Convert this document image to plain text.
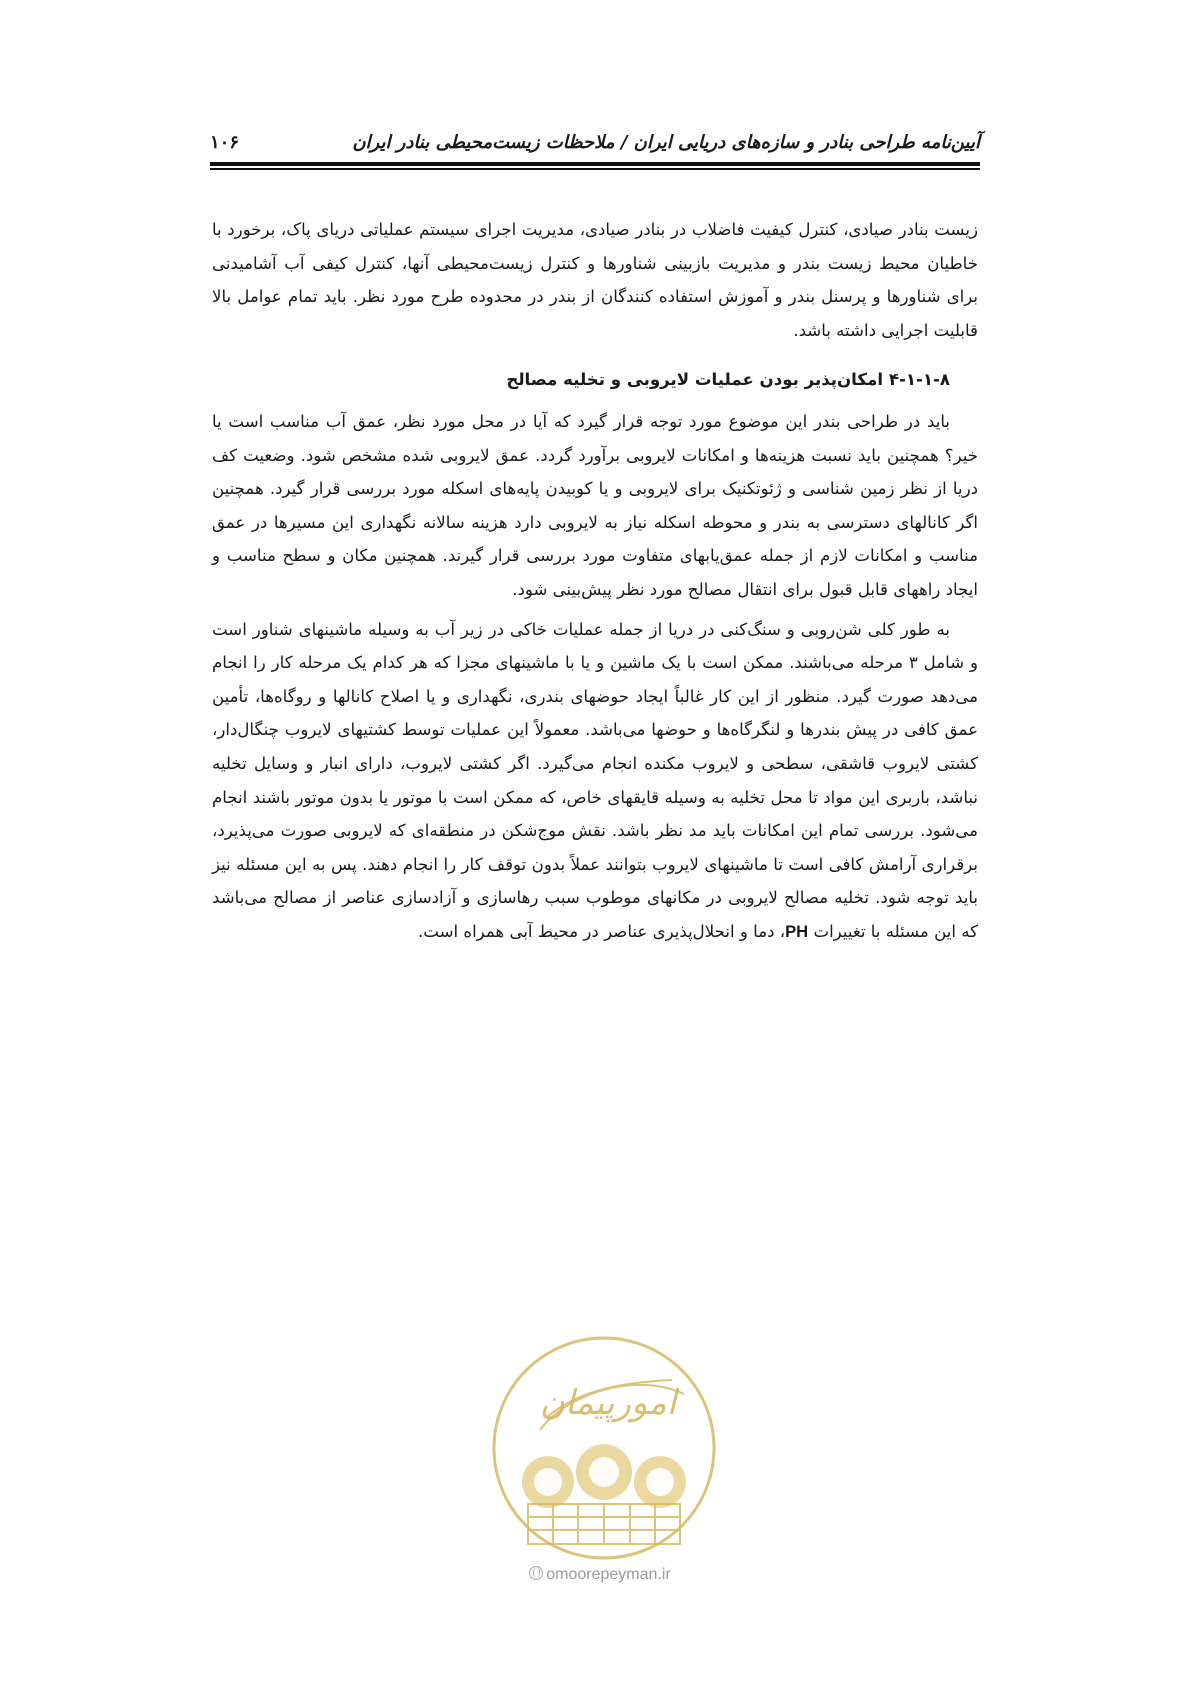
آیین‌نامه طراحی بنادر و سازه‌های دریایی ایران / ملاحظات زیست‌محیطی بنادر ایران
۱۰۶

زیست بنادر صیادی، کنترل کیفیت فاضلاب در بنادر صیادی، مدیریت اجرای سیستم عملیاتی دریای پاک، برخورد با خاطیان محیط زیست بندر و مدیریت بازبینی شناورها و کنترل زیست‌محیطی آنها، کنترل کیفی آب آشامیدنی برای شناورها و پرسنل بندر و آموزش استفاده کنندگان از بندر در محدوده طرح مورد نظر. باید تمام عوامل بالا قابلیت اجرایی داشته باشد.

۴-۱-۱-۸ امکان‌پذیر بودن عملیات لایروبی و تخلیه مصالح

باید در طراحی بندر این موضوع مورد توجه قرار گیرد که آیا در محل مورد نظر، عمق آب مناسب است یا خیر؟ همچنین باید نسبت هزینه‌ها و امکانات لایروبی برآورد گردد. عمق لایروبی شده مشخص شود. وضعیت کف دریا از نظر زمین شناسی و ژئوتکنیک برای لایروبی و یا کوبیدن پایه‌های اسکله مورد بررسی قرار گیرد. همچنین اگر کانالهای دسترسی به بندر و محوطه اسکله نیاز به لایروبی دارد هزینه سالانه نگهداری این مسیرها در عمق مناسب و امکانات لازم از جمله عمق‌یابهای متفاوت مورد بررسی قرار گیرند. همچنین مکان و سطح مناسب و ایجاد راههای قابل قبول برای انتقال مصالح مورد نظر پیش‌بینی شود.

به طور کلی شن‌روبی و سنگ‌کنی در دریا از جمله عملیات خاکی در زیر آب به وسیله ماشینهای شناور است و شامل ۳ مرحله می‌باشند. ممکن است با یک ماشین و یا با ماشینهای مجزا که هر کدام یک مرحله کار را انجام می‌دهد صورت گیرد. منظور از این کار غالباً ایجاد حوضهای بندری، نگهداری و یا اصلاح کانالها و روگاه‌ها، تأمین عمق کافی در پیش بندرها و لنگرگاه‌ها و حوضها می‌باشد. معمولاً این عملیات توسط کشتیهای لایروب چنگال‌دار، کشتی لایروب قاشقی، سطحی و لایروب مکنده انجام می‌گیرد. اگر کشتی لایروب، دارای انبار و وسایل تخلیه نباشد، باربری این مواد تا محل تخلیه به وسیله قایقهای خاص، که ممکن است با موتور یا بدون موتور باشند انجام می‌شود. بررسی تمام این امکانات باید مد نظر باشد. نقش موج‌شکن در منطقه‌ای که لایروبی صورت می‌پذیرد، برقراری آرامش کافی است تا ماشینهای لایروب بتوانند عملاً بدون توقف کار را انجام دهند. پس به این مسئله نیز باید توجه شود. تخلیه مصالح لایروبی در مکانهای موطوب سبب رهاسازی و آزادسازی عناصر از مصالح می‌باشد که این مسئله با تغییرات PH، دما و انحلال‌پذیری عناصر در محیط آبی همراه است.

امورپیمان
omoorepeyman.ir
